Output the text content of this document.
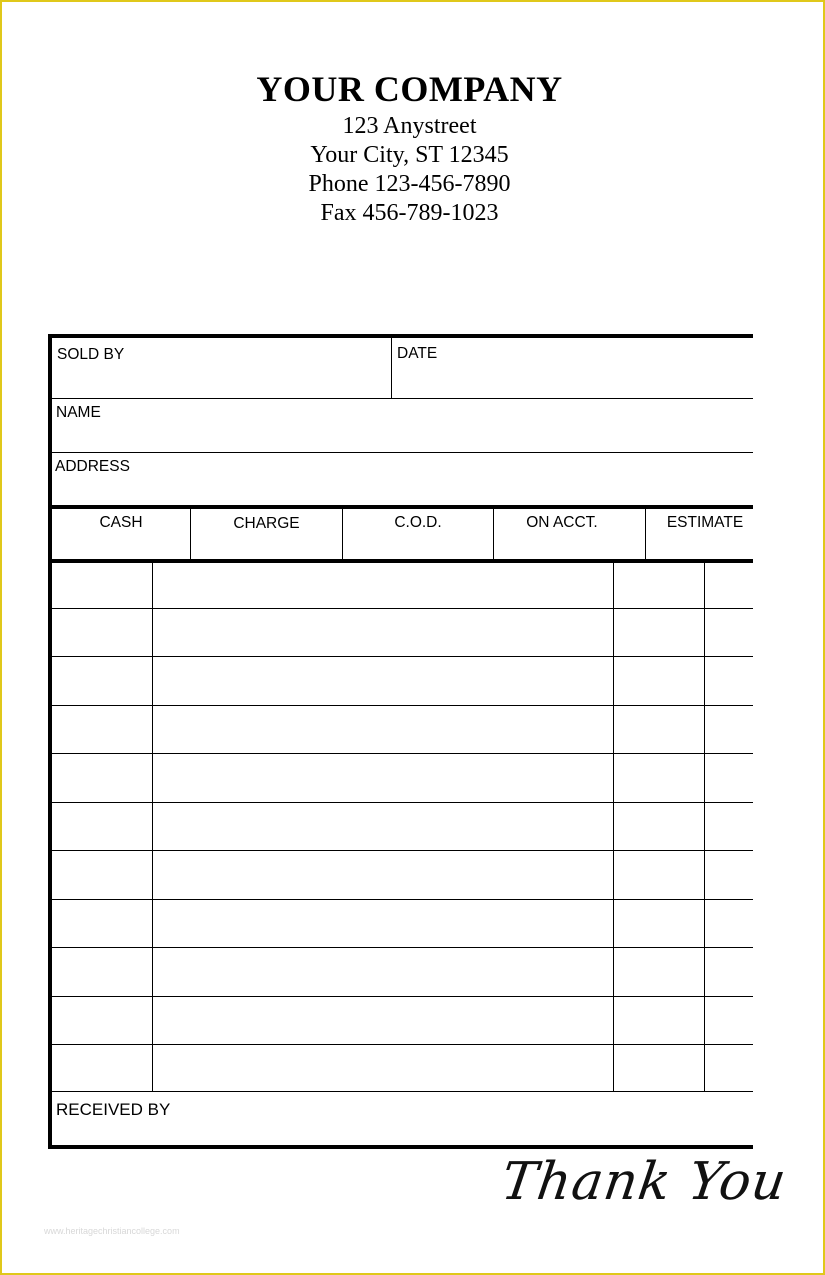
YOUR COMPANY
123 Anystreet
Your City, ST 12345
Phone 123-456-7890
Fax 456-789-1023
SOLD BY	DATE
NAME
ADDRESS
CASH	CHARGE	C.O.D.	ON ACCT.	ESTIMATE
RECEIVED BY
Thank You
www.heritagechristiancollege.com
